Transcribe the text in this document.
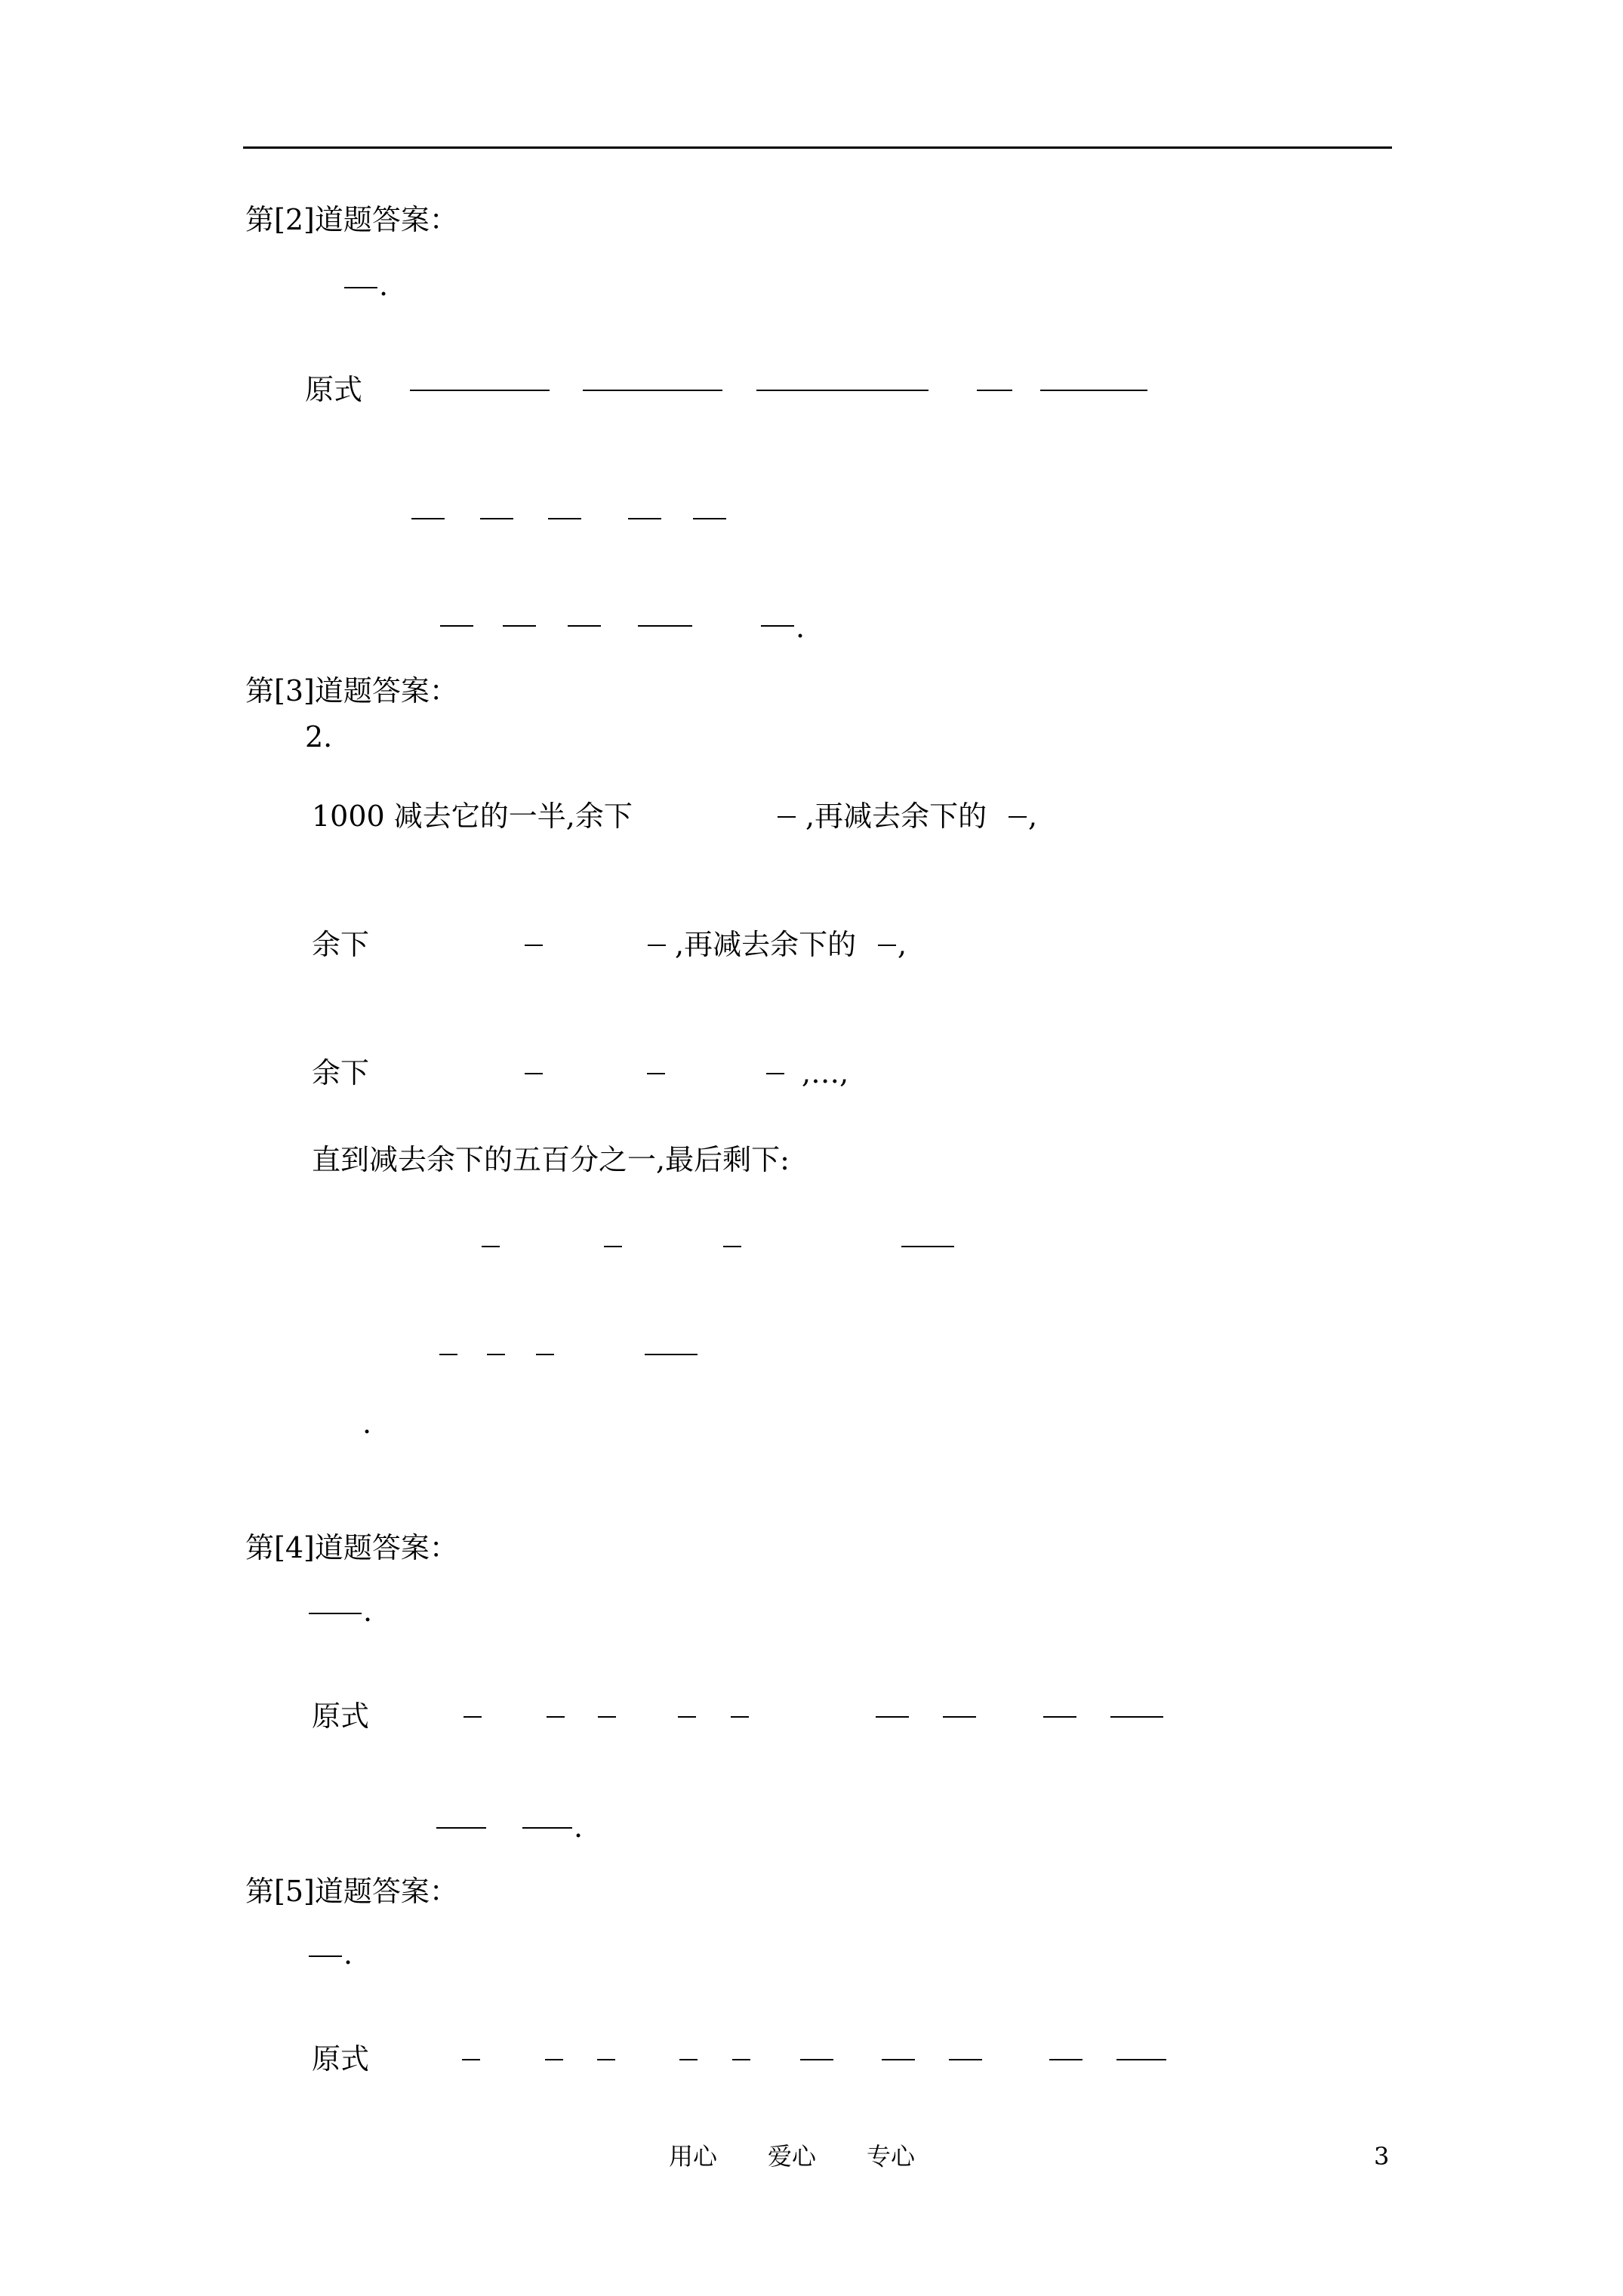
第[2]道题答案：
.
原式
.
第[3]道题答案：
2.
1000 减去它的一半,余下	,再减去余下的 ,
余下	,再减去余下的 ,
余下	,…,
直到减去余下的五百分之一,最后剩下:
.
第[4]道题答案：
.
原式
.
第[5]道题答案：
.
原式
用心 爱心 专心	3
